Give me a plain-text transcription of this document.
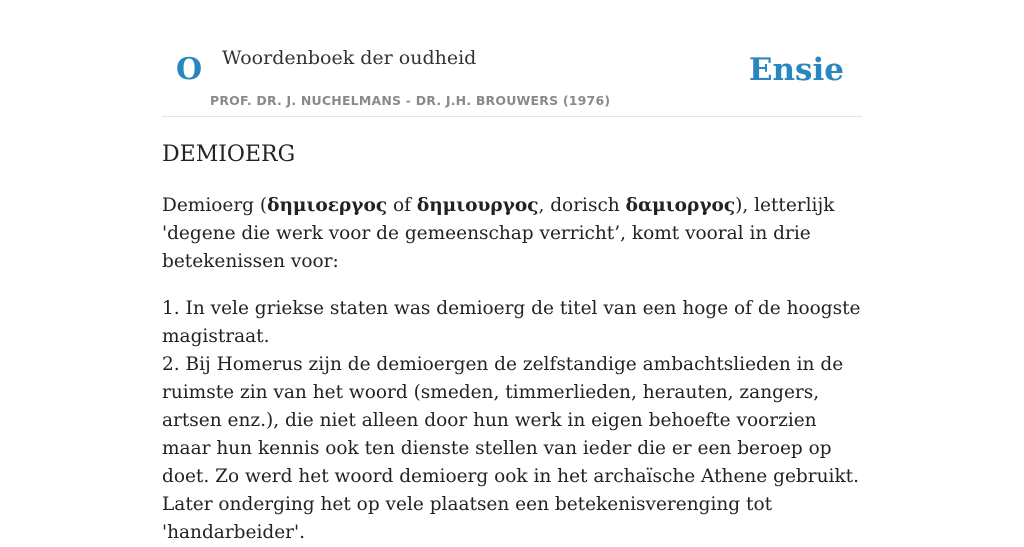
O Woordenboek der oudheid
PROF. DR. J. NUCHELMANS - DR. J.H. BROUWERS (1976)
Ensie
DEMIOERG

Demioerg (δημιοεργος of δημιουργος, dorisch δαμιοργος), letterlijk 'degene die werk voor de gemeenschap verricht’, komt vooral in drie betekenissen voor:

1. In vele griekse staten was demioerg de titel van een hoge of de hoogste magistraat.
2. Bij Homerus zijn de demioergen de zelfstandige ambachtslieden in de ruimste zin van het woord (smeden, timmerlieden, herauten, zangers, artsen enz.), die niet alleen door hun werk in eigen behoefte voorzien maar hun kennis ook ten dienste stellen van ieder die er een beroep op doet. Zo werd het woord demioerg ook in het archaïsche Athene gebruikt. Later onderging het op vele plaatsen een betekenisverenging tot 'handarbeider'.
